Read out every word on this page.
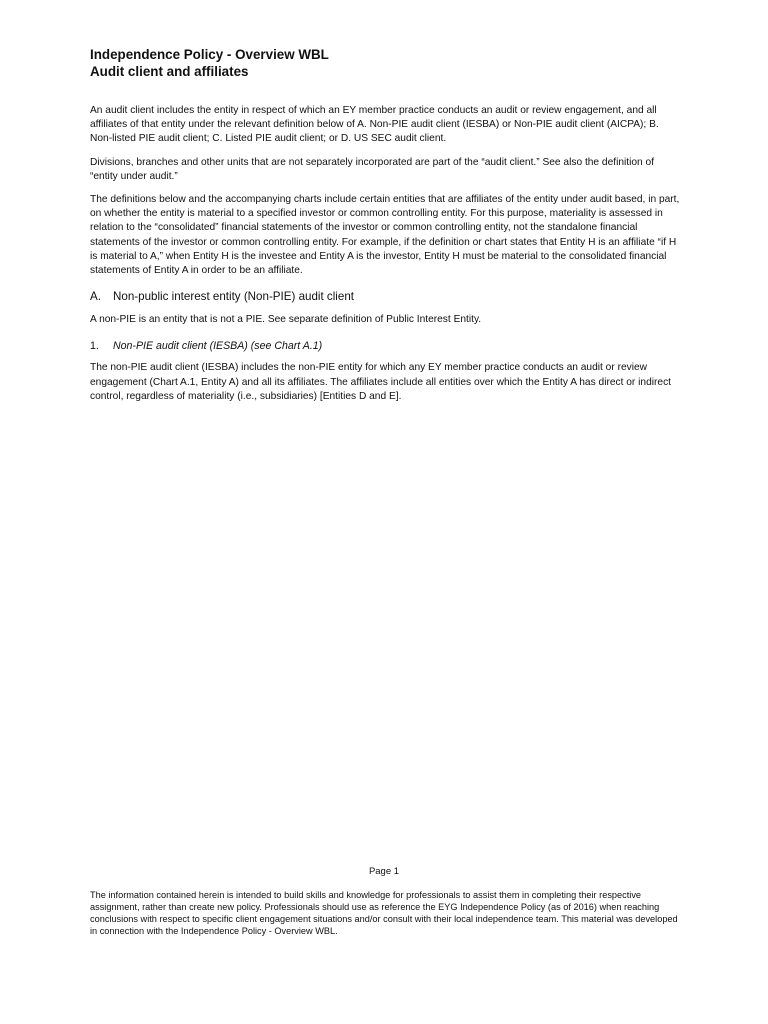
Independence Policy - Overview WBL

Audit client and affiliates

An audit client includes the entity in respect of which an EY member practice conducts an audit or review engagement, and all affiliates of that entity under the relevant definition below of A. Non-PIE audit client (IESBA) or Non-PIE audit client (AICPA); B. Non-listed PIE audit client; C. Listed PIE audit client; or D. US SEC audit client.

Divisions, branches and other units that are not separately incorporated are part of the “audit client.” See also the definition of “entity under audit.”

The definitions below and the accompanying charts include certain entities that are affiliates of the entity under audit based, in part, on whether the entity is material to a specified investor or common controlling entity. For this purpose, materiality is assessed in relation to the “consolidated” financial statements of the investor or common controlling entity, not the standalone financial statements of the investor or common controlling entity. For example, if the definition or chart states that Entity H is an affiliate “if H is material to A,” when Entity H is the investee and Entity A is the investor, Entity H must be material to the consolidated financial statements of Entity A in order to be an affiliate.

A.	Non-public interest entity (Non-PIE) audit client

A non-PIE is an entity that is not a PIE. See separate definition of Public Interest Entity.

1.	Non-PIE audit client (IESBA) (see Chart A.1)

The non-PIE audit client (IESBA) includes the non-PIE entity for which any EY member practice conducts an audit or review engagement (Chart A.1, Entity A) and all its affiliates. The affiliates include all entities over which the Entity A has direct or indirect control, regardless of materiality (i.e., subsidiaries) [Entities D and E].

Page 1

The information contained herein is intended to build skills and knowledge for professionals to assist them in completing their respective assignment, rather than create new policy. Professionals should use as reference the EYG Independence Policy (as of 2016) when reaching conclusions with respect to specific client engagement situations and/or consult with their local independence team. This material was developed in connection with the Independence Policy - Overview WBL.
